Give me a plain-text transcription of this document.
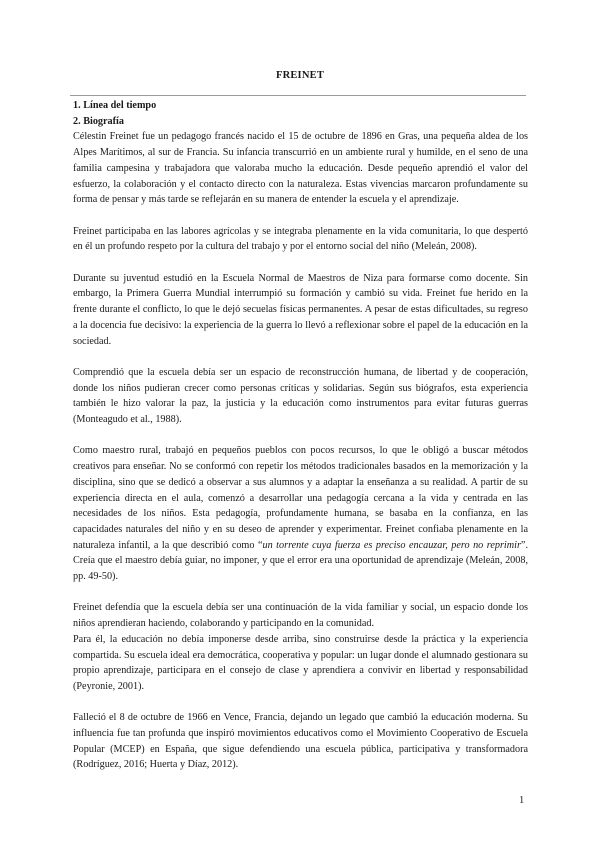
FREINET

1. Línea del tiempo

2. Biografía

Célestin Freinet fue un pedagogo francés nacido el 15 de octubre de 1896 en Gras, una pequeña aldea de los Alpes Marítimos, al sur de Francia. Su infancia transcurrió en un ambiente rural y humilde, en el seno de una familia campesina y trabajadora que valoraba mucho la educación. Desde pequeño aprendió el valor del esfuerzo, la colaboración y el contacto directo con la naturaleza. Estas vivencias marcaron profundamente su forma de pensar y más tarde se reflejarán en su manera de entender la escuela y el aprendizaje.

Freinet participaba en las labores agrícolas y se integraba plenamente en la vida comunitaria, lo que despertó en él un profundo respeto por la cultura del trabajo y por el entorno social del niño (Meleán, 2008).

Durante su juventud estudió en la Escuela Normal de Maestros de Niza para formarse como docente. Sin embargo, la Primera Guerra Mundial interrumpió su formación y cambió su vida. Freinet fue herido en la frente durante el conflicto, lo que le dejó secuelas físicas permanentes. A pesar de estas dificultades, su regreso a la docencia fue decisivo: la experiencia de la guerra lo llevó a reflexionar sobre el papel de la educación en la sociedad.

Comprendió que la escuela debía ser un espacio de reconstrucción humana, de libertad y de cooperación, donde los niños pudieran crecer como personas críticas y solidarias. Según sus biógrafos, esta experiencia también le hizo valorar la paz, la justicia y la educación como instrumentos para evitar futuras guerras (Monteagudo et al., 1988).

Como maestro rural, trabajó en pequeños pueblos con pocos recursos, lo que le obligó a buscar métodos creativos para enseñar. No se conformó con repetir los métodos tradicionales basados en la memorización y la disciplina, sino que se dedicó a observar a sus alumnos y a adaptar la enseñanza a su realidad. A partir de su experiencia directa en el aula, comenzó a desarrollar una pedagogía cercana a la vida y centrada en las necesidades de los niños. Esta pedagogía, profundamente humana, se basaba en la confianza, en las capacidades naturales del niño y en su deseo de aprender y experimentar. Freinet confiaba plenamente en la naturaleza infantil, a la que describió como “un torrente cuya fuerza es preciso encauzar, pero no reprimir”. Creía que el maestro debía guiar, no imponer, y que el error era una oportunidad de aprendizaje (Meleán, 2008, pp. 49-50).

Freinet defendía que la escuela debía ser una continuación de la vida familiar y social, un espacio donde los niños aprendieran haciendo, colaborando y participando en la comunidad.

Para él, la educación no debía imponerse desde arriba, sino construirse desde la práctica y la experiencia compartida. Su escuela ideal era democrática, cooperativa y popular: un lugar donde el alumnado gestionara su propio aprendizaje, participara en el consejo de clase y aprendiera a convivir en libertad y responsabilidad (Peyronie, 2001).

Falleció el 8 de octubre de 1966 en Vence, Francia, dejando un legado que cambió la educación moderna. Su influencia fue tan profunda que inspiró movimientos educativos como el Movimiento Cooperativo de Escuela Popular (MCEP) en España, que sigue defendiendo una escuela pública, participativa y transformadora (Rodríguez, 2016; Huerta y Díaz, 2012).

1
